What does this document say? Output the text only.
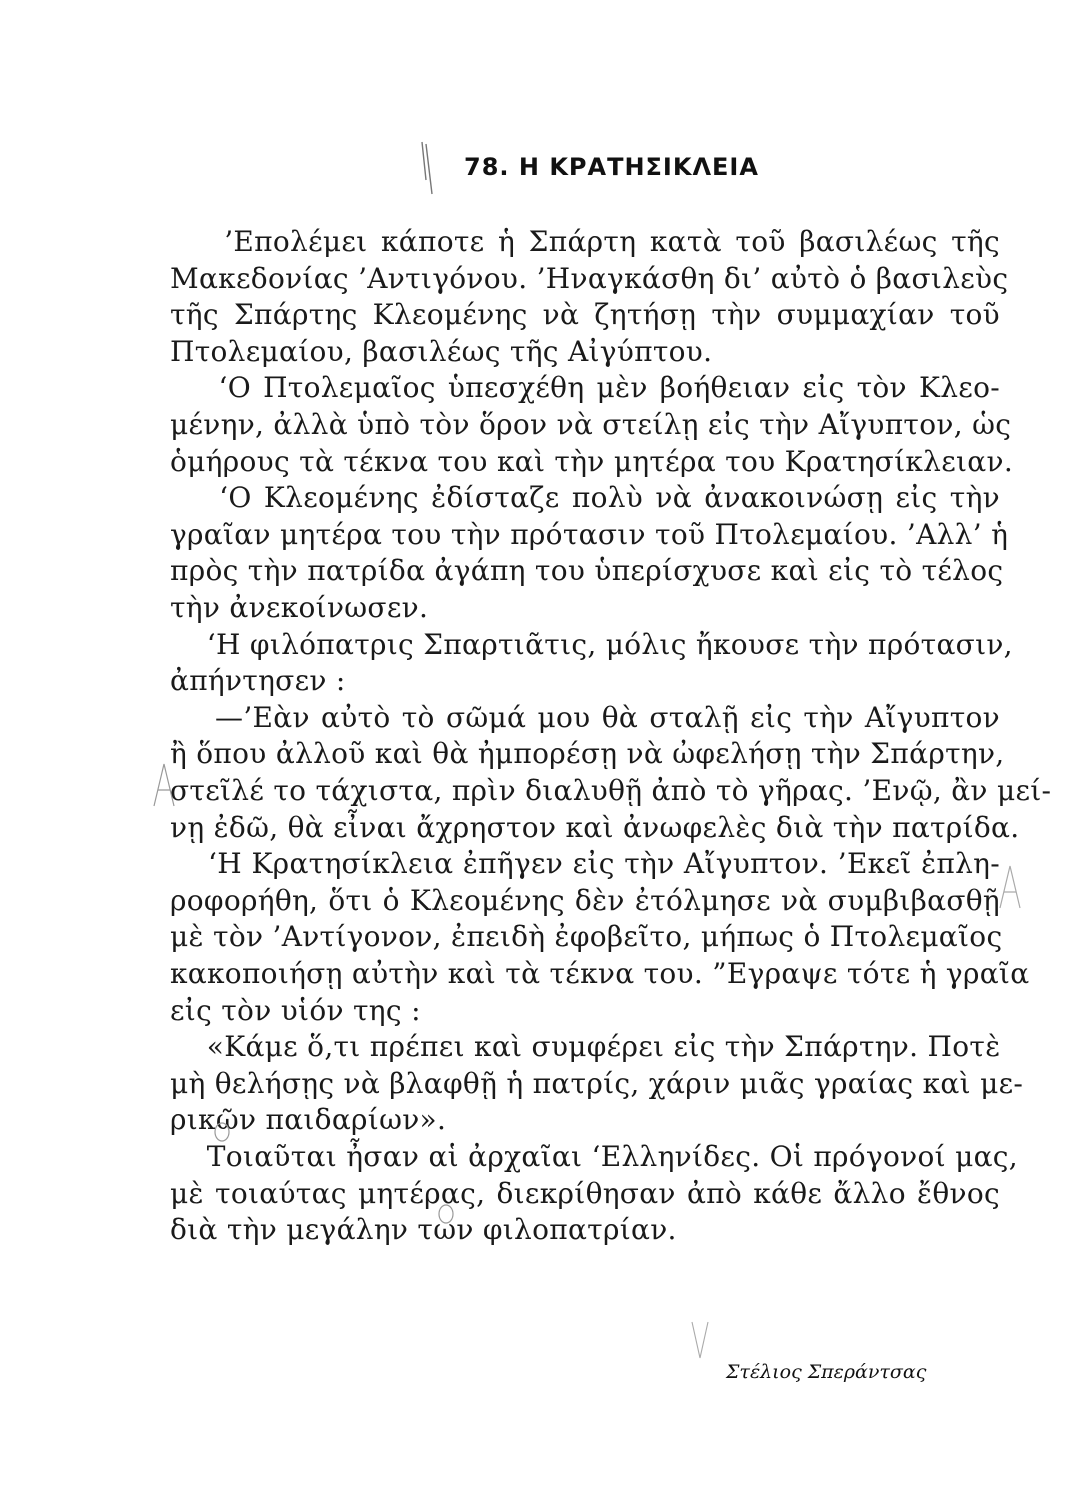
78. Η ΚΡΑΤΗΣΙΚΛΕΙΑ
’Επολέμει κάποτε ἡ Σπάρτη κατὰ τοῦ βασιλέως τῆς
Μακεδονίας ’Αντιγόνου. ’Ηναγκάσθη δι’ αὐτὸ ὁ βασιλεὺς
τῆς Σπάρτης Κλεομένης νὰ ζητήσῃ τὴν συμμαχίαν τοῦ
Πτολεμαίου, βασιλέως τῆς Αἰγύπτου.
‘Ο Πτολεμαῖος ὑπεσχέθη μὲν βοήθειαν εἰς τὸν Κλεο-
μένην, ἀλλὰ ὑπὸ τὸν ὅρον νὰ στείλῃ εἰς τὴν Αἴγυπτον, ὡς
ὁμήρους τὰ τέκνα του καὶ τὴν μητέρα του Κρατησίκλειαν.
‘Ο Κλεομένης ἐδίσταζε πολὺ νὰ ἀνακοινώσῃ εἰς τὴν
γραῖαν μητέρα του τὴν πρότασιν τοῦ Πτολεμαίου. ’Αλλ’ ἡ
πρὸς τὴν πατρίδα ἀγάπη του ὑπερίσχυσε καὶ εἰς τὸ τέλος
τὴν ἀνεκοίνωσεν.
‘Η φιλόπατρις Σπαρτιᾶτις, μόλις ἤκουσε τὴν πρότασιν,
ἀπήντησεν :
—’Εὰν αὐτὸ τὸ σῶμά μου θὰ σταλῇ εἰς τὴν Αἴγυπτον
ἢ ὅπου ἀλλοῦ καὶ θὰ ἠμπορέσῃ νὰ ὠφελήσῃ τὴν Σπάρτην,
στεῖλέ το τάχιστα, πρὶν διαλυθῇ ἀπὸ τὸ γῆρας. ’Ενῷ, ἂν μεί-
νῃ ἐδῶ, θὰ εἶναι ἄχρηστον καὶ ἀνωφελὲς διὰ τὴν πατρίδα.
‘Η Κρατησίκλεια ἐπῆγεν εἰς τὴν Αἴγυπτον. ’Εκεῖ ἐπλη-
ροφορήθη, ὅτι ὁ Κλεομένης δὲν ἐτόλμησε νὰ συμβιβασθῇ
μὲ τὸν ’Αντίγονον, ἐπειδὴ ἐφοβεῖτο, μήπως ὁ Πτολεμαῖος
κακοποιήσῃ αὐτὴν καὶ τὰ τέκνα του. ”Εγραψε τότε ἡ γραῖα
εἰς τὸν υἱόν της :
«Κάμε ὅ,τι πρέπει καὶ συμφέρει εἰς τὴν Σπάρτην. Ποτὲ
μὴ θελήσῃς νὰ βλαφθῇ ἡ πατρίς, χάριν μιᾶς γραίας καὶ με-
ρικῶν παιδαρίων».
Τοιαῦται ἦσαν αἱ ἀρχαῖαι ‘Ελληνίδες. Οἱ πρόγονοί μας,
μὲ τοιαύτας μητέρας, διεκρίθησαν ἀπὸ κάθε ἄλλο ἔθνος
διὰ τὴν μεγάλην των φιλοπατρίαν.
Στέλιος Σπεράντσας
